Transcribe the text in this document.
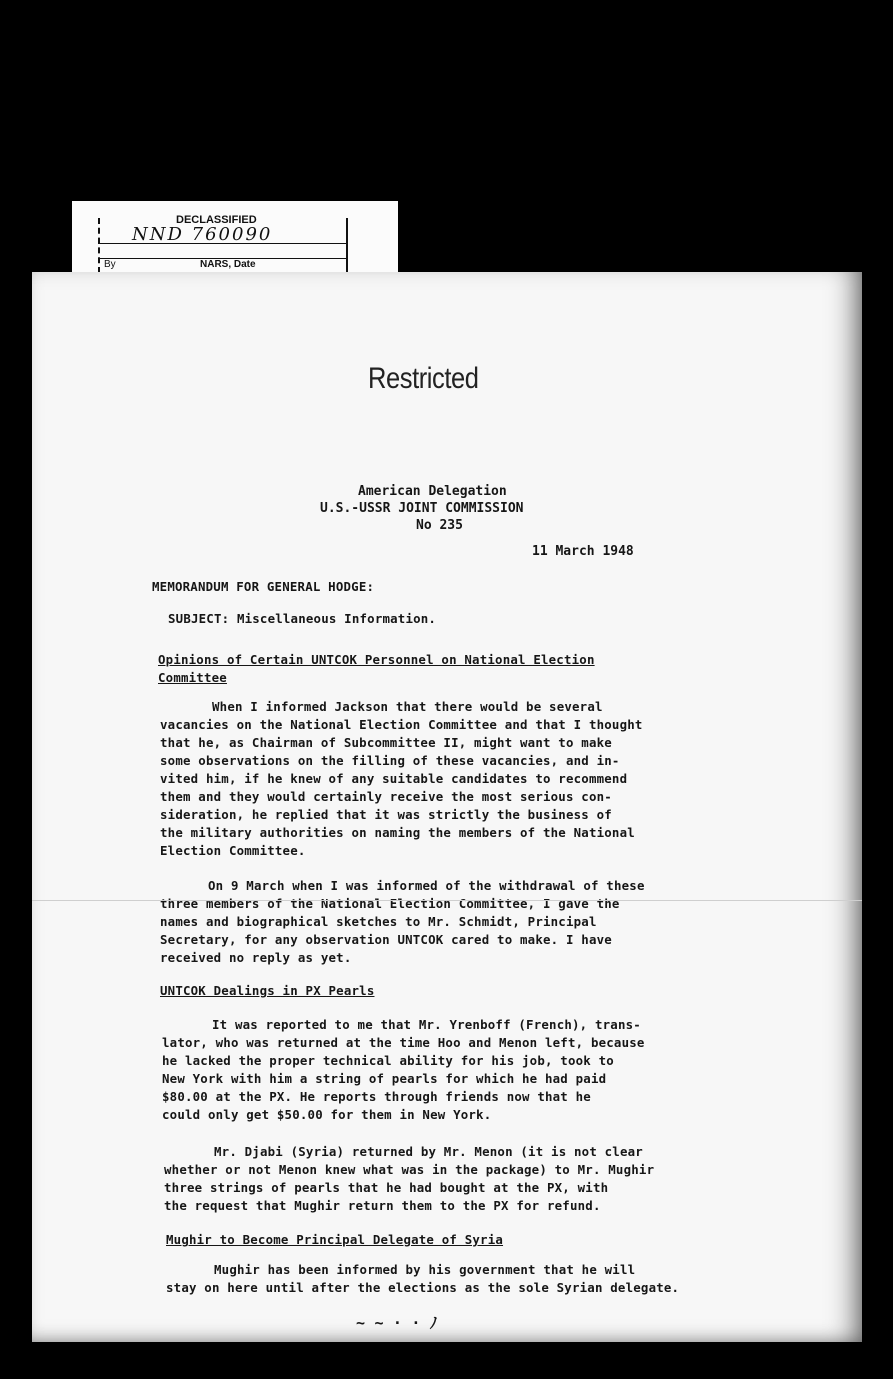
DECLASSIFIED
NND 760090
By	NARS, Date
Restricted
American Delegation
U.S.-USSR JOINT COMMISSION
No 235
11 March 1948
MEMORANDUM FOR GENERAL HODGE:
SUBJECT: Miscellaneous Information.
Opinions of Certain UNTCOK Personnel on National Election
Committee
When I informed Jackson that there would be several
vacancies on the National Election Committee and that I thought
that he, as Chairman of Subcommittee II, might want to make
some observations on the filling of these vacancies, and in-
vited him, if he knew of any suitable candidates to recommend
them and they would certainly receive the most serious con-
sideration, he replied that it was strictly the business of
the military authorities on naming the members of the National
Election Committee.
On 9 March when I was informed of the withdrawal of these
three members of the National Election Committee, I gave the
names and biographical sketches to Mr. Schmidt, Principal
Secretary, for any observation UNTCOK cared to make. I have
received no reply as yet.
UNTCOK Dealings in PX Pearls
It was reported to me that Mr. Yrenboff (French), trans-
lator, who was returned at the time Hoo and Menon left, because
he lacked the proper technical ability for his job, took to
New York with him a string of pearls for which he had paid
$80.00 at the PX. He reports through friends now that he
could only get $50.00 for them in New York.
Mr. Djabi (Syria) returned by Mr. Menon (it is not clear
whether or not Menon knew what was in the package) to Mr. Mughir
three strings of pearls that he had bought at the PX, with
the request that Mughir return them to the PX for refund.
Mughir to Become Principal Delegate of Syria
Mughir has been informed by his government that he will
stay on here until after the elections as the sole Syrian delegate.
~ ~ · · ﾉ
